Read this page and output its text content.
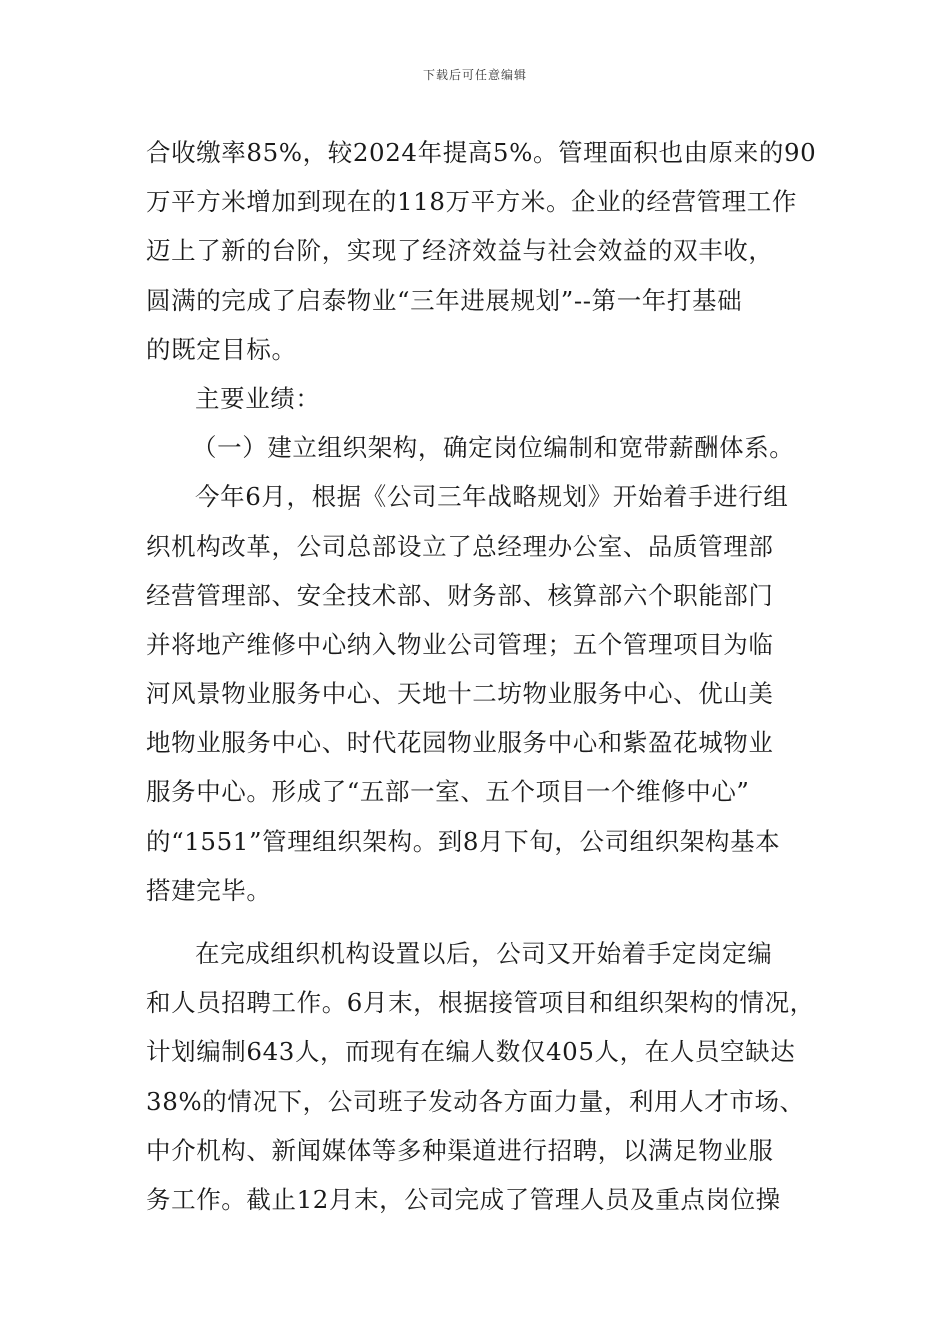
下载后可任意编辑
合收缴率85%，较2024年提高5%。管理面积也由原来的90
万平方米增加到现在的118万平方米。企业的经营管理工作
迈上了新的台阶，实现了经济效益与社会效益的双丰收，
圆满的完成了启泰物业“三年进展规划”--第一年打基础
的既定目标。
主要业绩：
（一）建立组织架构，确定岗位编制和宽带薪酬体系。
今年6月，根据《公司三年战略规划》开始着手进行组
织机构改革，公司总部设立了总经理办公室、品质管理部
经营管理部、安全技术部、财务部、核算部六个职能部门
并将地产维修中心纳入物业公司管理；五个管理项目为临
河风景物业服务中心、天地十二坊物业服务中心、优山美
地物业服务中心、时代花园物业服务中心和紫盈花城物业
服务中心。形成了“五部一室、五个项目一个维修中心”
的“1551”管理组织架构。到8月下旬，公司组织架构基本
搭建完毕。
在完成组织机构设置以后，公司又开始着手定岗定编
和人员招聘工作。6月末，根据接管项目和组织架构的情况，
计划编制643人，而现有在编人数仅405人，在人员空缺达
38%的情况下，公司班子发动各方面力量，利用人才市场、
中介机构、新闻媒体等多种渠道进行招聘，以满足物业服
务工作。截止12月末，公司完成了管理人员及重点岗位操
